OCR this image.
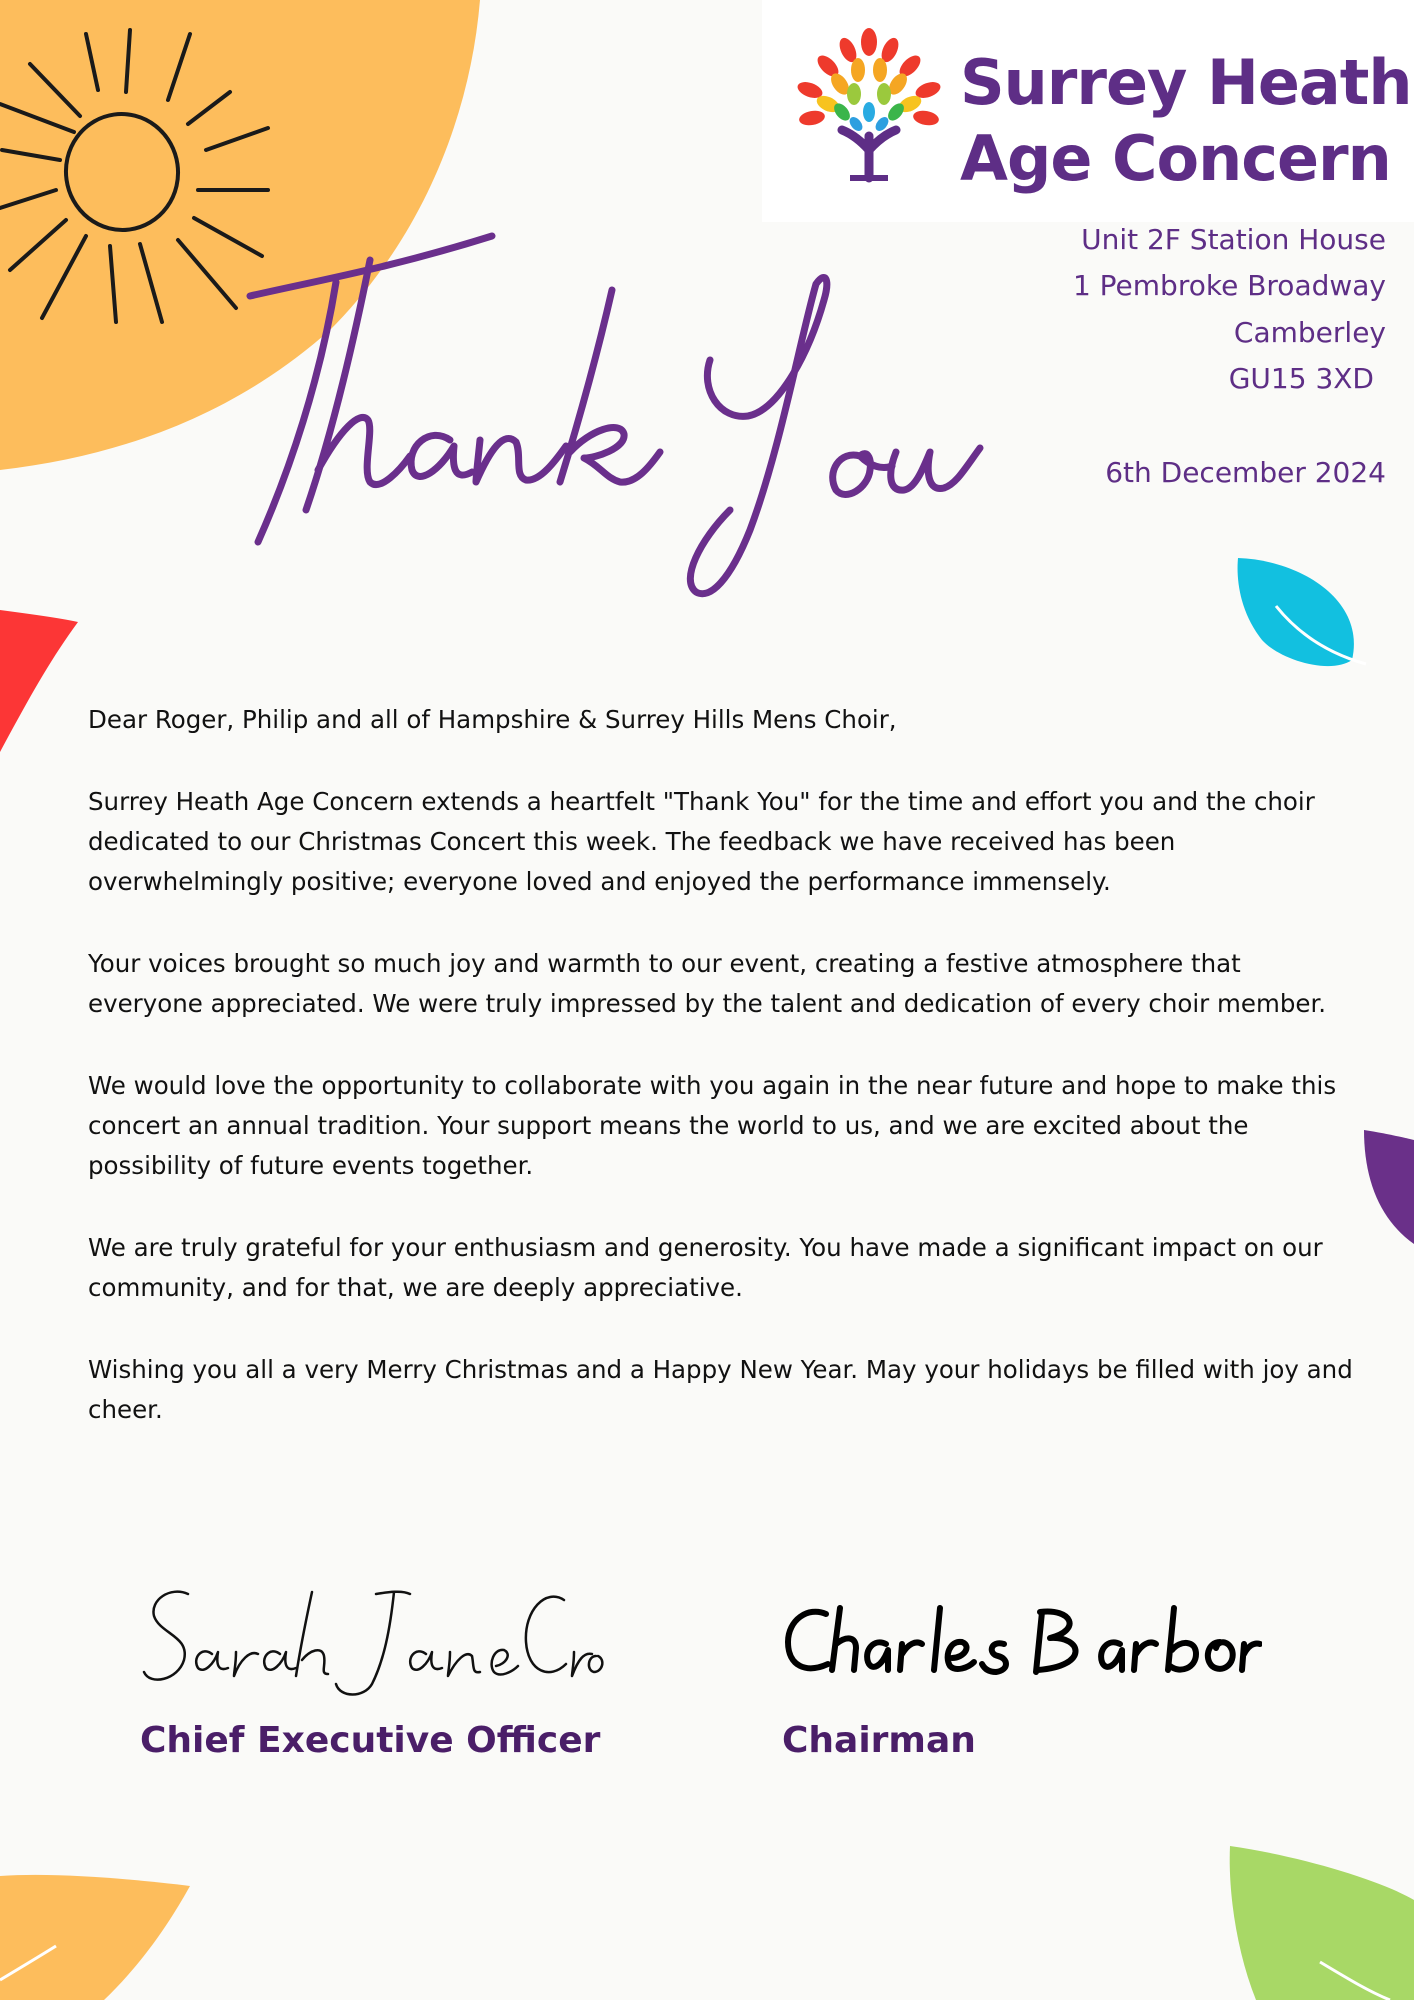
Surrey Heath
Age Concern
Unit 2F Station House
1 Pembroke Broadway
Camberley
GU15 3XD
6th December 2024

Dear Roger, Philip and all of Hampshire & Surrey Hills Mens Choir,

Surrey Heath Age Concern extends a heartfelt "Thank You" for the time and effort you and the choir dedicated to our Christmas Concert this week. The feedback we have received has been overwhelmingly positive; everyone loved and enjoyed the performance immensely.

Your voices brought so much joy and warmth to our event, creating a festive atmosphere that everyone appreciated. We were truly impressed by the talent and dedication of every choir member.

We would love the opportunity to collaborate with you again in the near future and hope to make this concert an annual tradition. Your support means the world to us, and we are excited about the possibility of future events together.

We are truly grateful for your enthusiasm and generosity. You have made a significant impact on our community, and for that, we are deeply appreciative.

Wishing you all a very Merry Christmas and a Happy New Year. May your holidays be filled with joy and cheer.

Chief Executive Officer	Chairman
